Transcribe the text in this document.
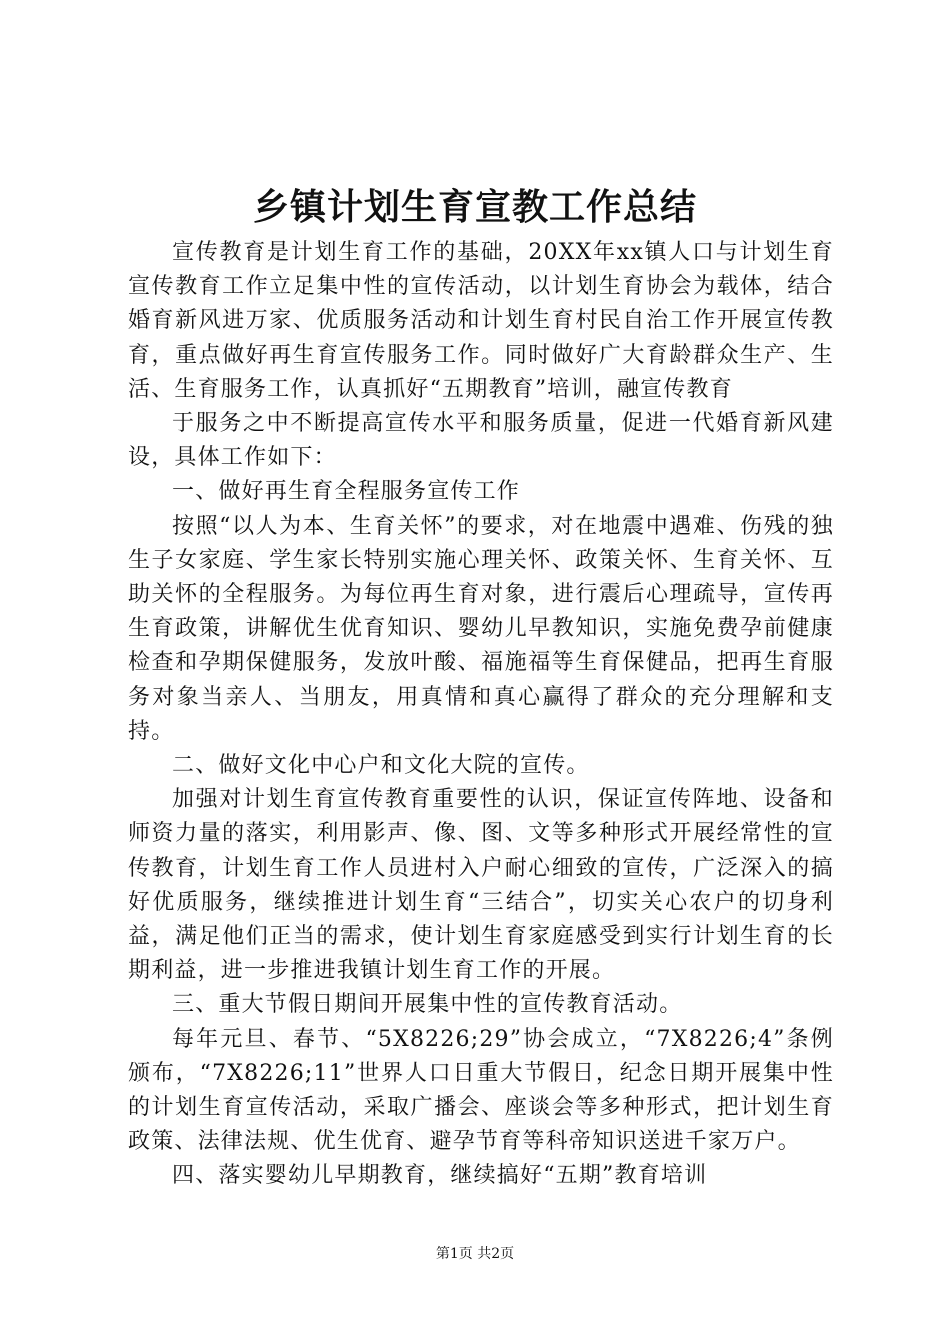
乡镇计划生育宣教工作总结

宣传教育是计划生育工作的基础，20XX年xx镇人口与计划生育宣传教育工作立足集中性的宣传活动，以计划生育协会为载体，结合婚育新风进万家、优质服务活动和计划生育村民自治工作开展宣传教育，重点做好再生育宣传服务工作。同时做好广大育龄群众生产、生活、生育服务工作，认真抓好“五期教育”培训，融宣传教育

于服务之中不断提高宣传水平和服务质量，促进一代婚育新风建设，具体工作如下：

一、做好再生育全程服务宣传工作

按照“以人为本、生育关怀”的要求，对在地震中遇难、伤残的独生子女家庭、学生家长特别实施心理关怀、政策关怀、生育关怀、互助关怀的全程服务。为每位再生育对象，进行震后心理疏导，宣传再生育政策，讲解优生优育知识、婴幼儿早教知识，实施免费孕前健康检查和孕期保健服务，发放叶酸、福施福等生育保健品，把再生育服务对象当亲人、当朋友，用真情和真心赢得了群众的充分理解和支持。

二、做好文化中心户和文化大院的宣传。

加强对计划生育宣传教育重要性的认识，保证宣传阵地、设备和师资力量的落实，利用影声、像、图、文等多种形式开展经常性的宣传教育，计划生育工作人员进村入户耐心细致的宣传，广泛深入的搞好优质服务，继续推进计划生育“三结合”，切实关心农户的切身利益，满足他们正当的需求，使计划生育家庭感受到实行计划生育的长期利益，进一步推进我镇计划生育工作的开展。

三、重大节假日期间开展集中性的宣传教育活动。

每年元旦、春节、“5X8226;29”协会成立，“7X8226;4”条例颁布，“7X8226;11”世界人口日重大节假日，纪念日期开展集中性的计划生育宣传活动，采取广播会、座谈会等多种形式，把计划生育政策、法律法规、优生优育、避孕节育等科帝知识送进千家万户。

四、落实婴幼儿早期教育，继续搞好“五期”教育培训

第1页 共2页
